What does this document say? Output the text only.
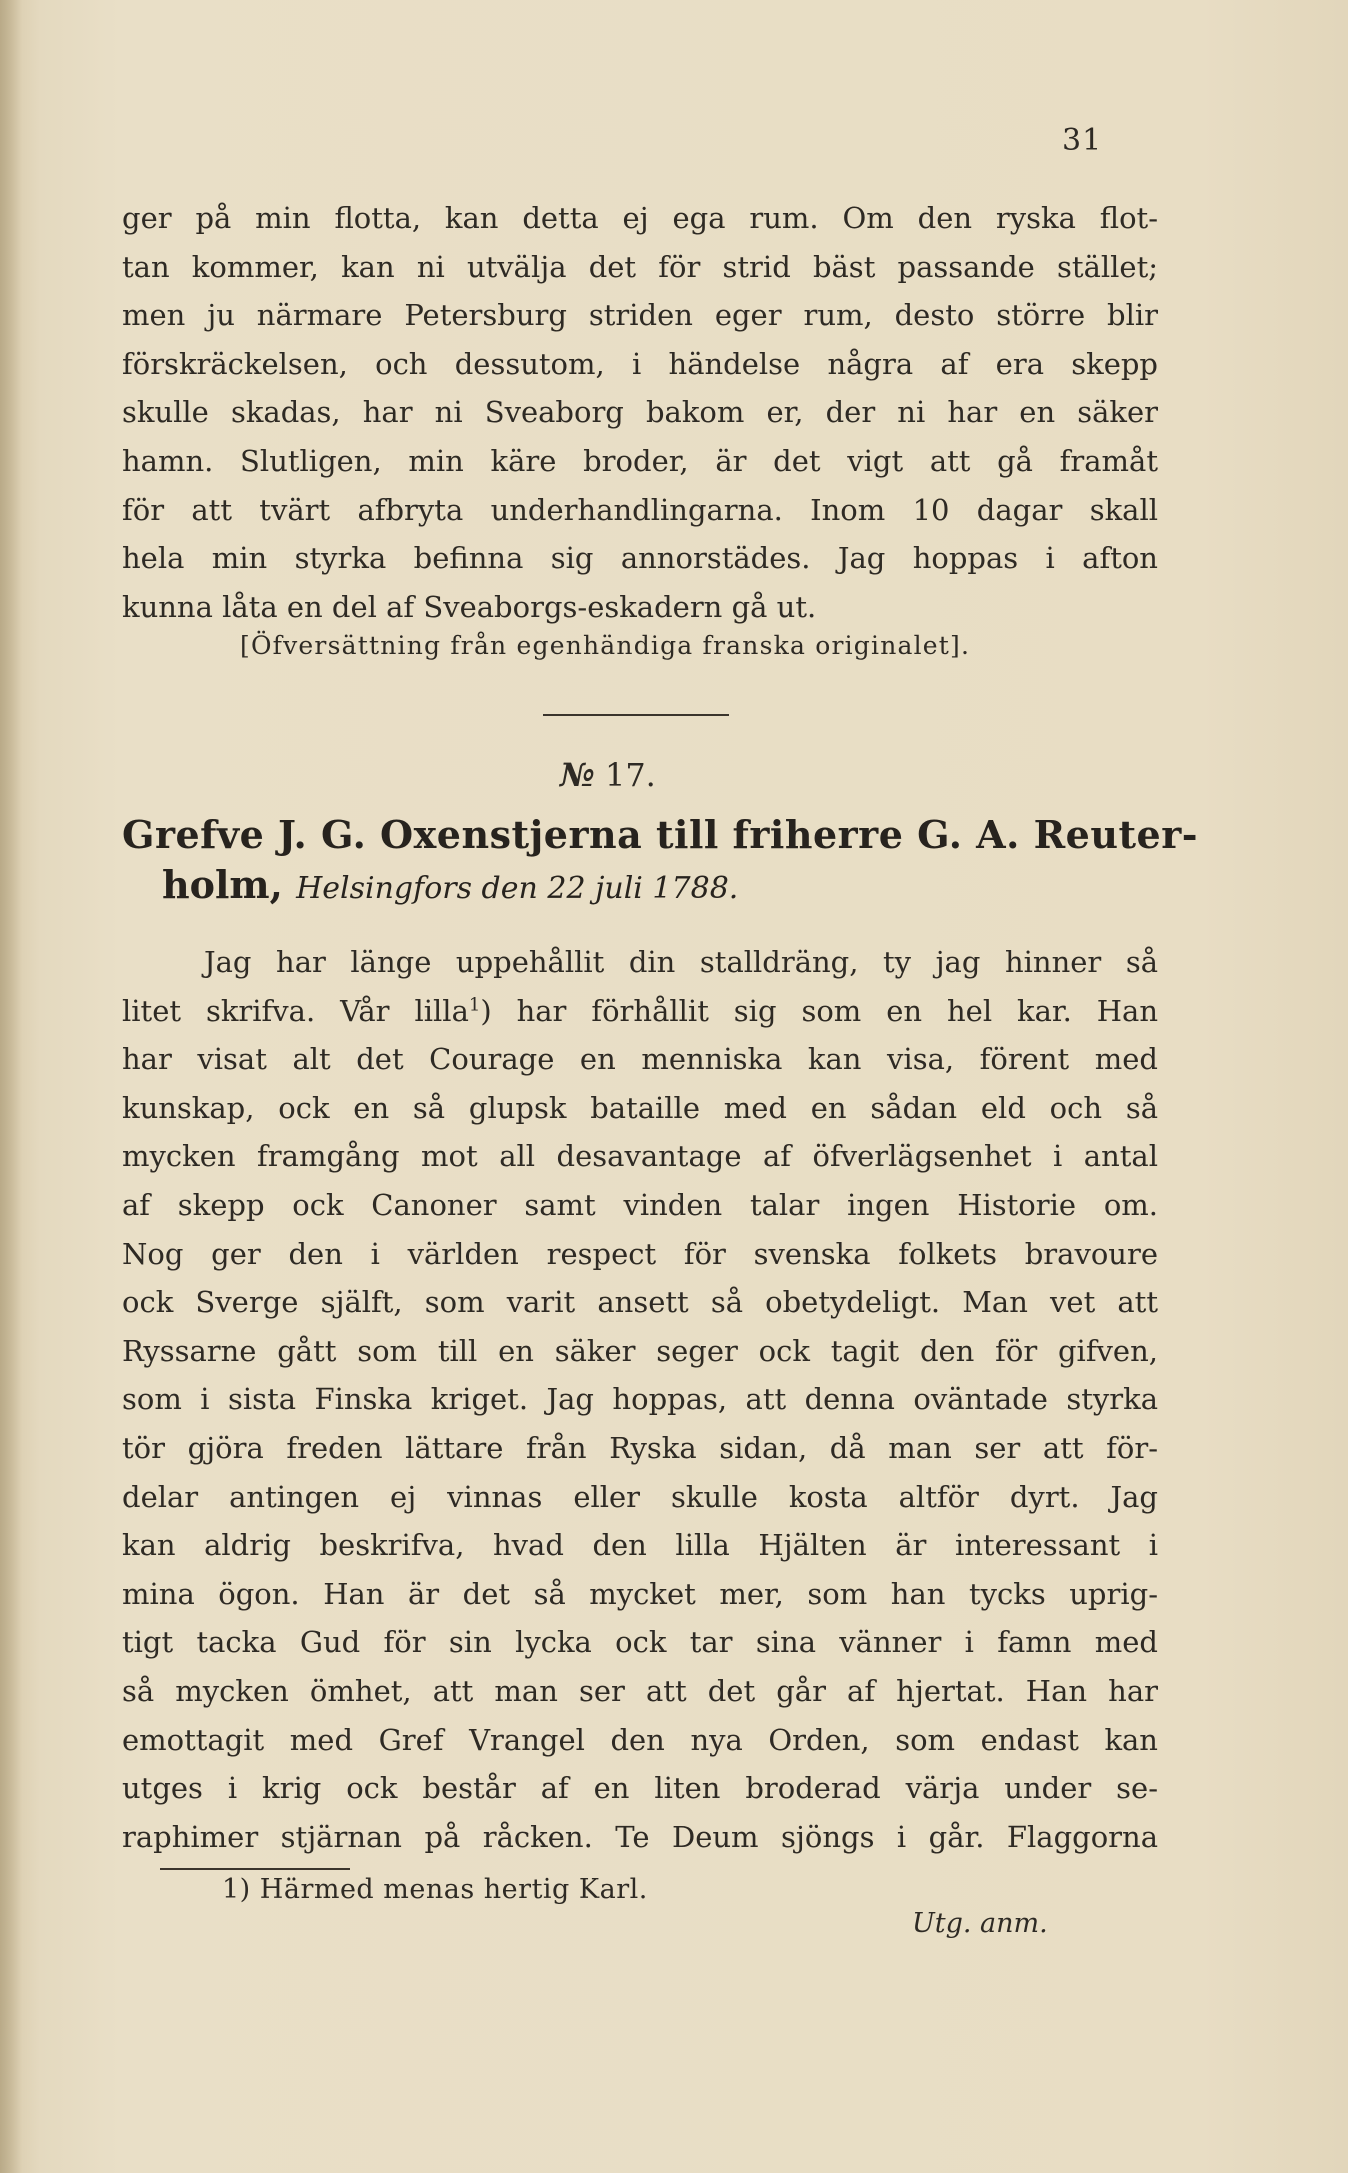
31
ger på min flotta, kan detta ej ega rum. Om den ryska flot-
tan kommer, kan ni utvälja det för strid bäst passande stället;
men ju närmare Petersburg striden eger rum, desto större blir
förskräckelsen, och dessutom, i händelse några af era skepp
skulle skadas, har ni Sveaborg bakom er, der ni har en säker
hamn. Slutligen, min käre broder, är det vigt att gå framåt
för att tvärt afbryta underhandlingarna. Inom 10 dagar skall
hela min styrka befinna sig annorstädes. Jag hoppas i afton
kunna låta en del af Sveaborgs-eskadern gå ut.
[Öfversättning från egenhändiga franska originalet].
№ 17.
Grefve J. G. Oxenstjerna till friherre G. A. Reuter-
holm, Helsingfors den 22 juli 1788.
Jag har länge uppehållit din stalldräng, ty jag hinner så
litet skrifva. Vår lilla$^1$) har förhållit sig som en hel kar. Han
har visat alt det Courage en menniska kan visa, förent med
kunskap, ock en så glupsk bataille med en sådan eld och så
mycken framgång mot all desavantage af öfverlägsenhet i antal
af skepp ock Canoner samt vinden talar ingen Historie om.
Nog ger den i världen respect för svenska folkets bravoure
ock Sverge själft, som varit ansett så obetydeligt. Man vet att
Ryssarne gått som till en säker seger ock tagit den för gifven,
som i sista Finska kriget. Jag hoppas, att denna oväntade styrka
tör gjöra freden lättare från Ryska sidan, då man ser att för-
delar antingen ej vinnas eller skulle kosta altför dyrt. Jag
kan aldrig beskrifva, hvad den lilla Hjälten är interessant i
mina ögon. Han är det så mycket mer, som han tycks uprig-
tigt tacka Gud för sin lycka ock tar sina vänner i famn med
så mycken ömhet, att man ser att det går af hjertat. Han har
emottagit med Gref Vrangel den nya Orden, som endast kan
utges i krig ock består af en liten broderad värja under se-
raphimer stjärnan på råcken. Te Deum sjöngs i går. Flaggorna
1) Härmed menas hertig Karl.
Utg. anm.
